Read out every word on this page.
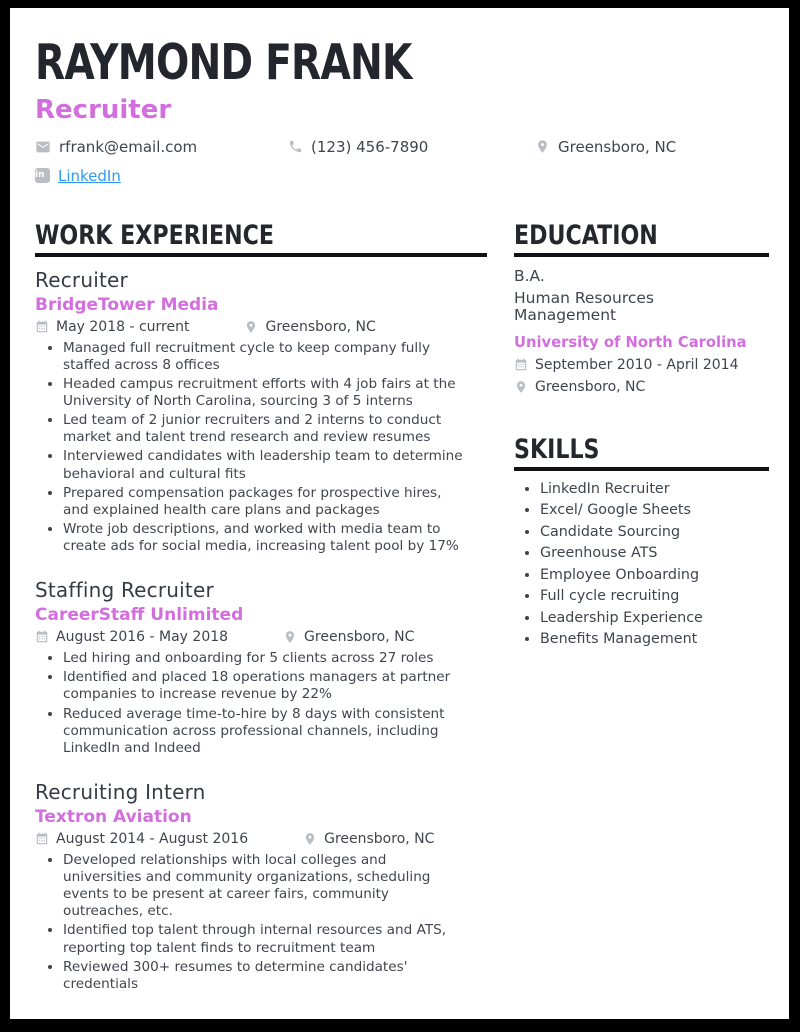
RAYMOND FRANK
Recruiter
rfrank@email.com	(123) 456-7890	Greensboro, NC
in LinkedIn
WORK EXPERIENCE
Recruiter
BridgeTower Media
May 2018 - current	Greensboro, NC
• Managed full recruitment cycle to keep company fully staffed across 8 offices
• Headed campus recruitment efforts with 4 job fairs at the University of North Carolina, sourcing 3 of 5 interns
• Led team of 2 junior recruiters and 2 interns to conduct market and talent trend research and review resumes
• Interviewed candidates with leadership team to determine behavioral and cultural fits
• Prepared compensation packages for prospective hires, and explained health care plans and packages
• Wrote job descriptions, and worked with media team to create ads for social media, increasing talent pool by 17%
Staffing Recruiter
CareerStaff Unlimited
August 2016 - May 2018	Greensboro, NC
• Led hiring and onboarding for 5 clients across 27 roles
• Identified and placed 18 operations managers at partner companies to increase revenue by 22%
• Reduced average time-to-hire by 8 days with consistent communication across professional channels, including LinkedIn and Indeed
Recruiting Intern
Textron Aviation
August 2014 - August 2016	Greensboro, NC
• Developed relationships with local colleges and universities and community organizations, scheduling events to be present at career fairs, community outreaches, etc.
• Identified top talent through internal resources and ATS, reporting top talent finds to recruitment team
• Reviewed 300+ resumes to determine candidates' credentials
EDUCATION
B.A.
Human Resources Management
University of North Carolina
September 2010 - April 2014
Greensboro, NC
SKILLS
• LinkedIn Recruiter
• Excel/ Google Sheets
• Candidate Sourcing
• Greenhouse ATS
• Employee Onboarding
• Full cycle recruiting
• Leadership Experience
• Benefits Management
